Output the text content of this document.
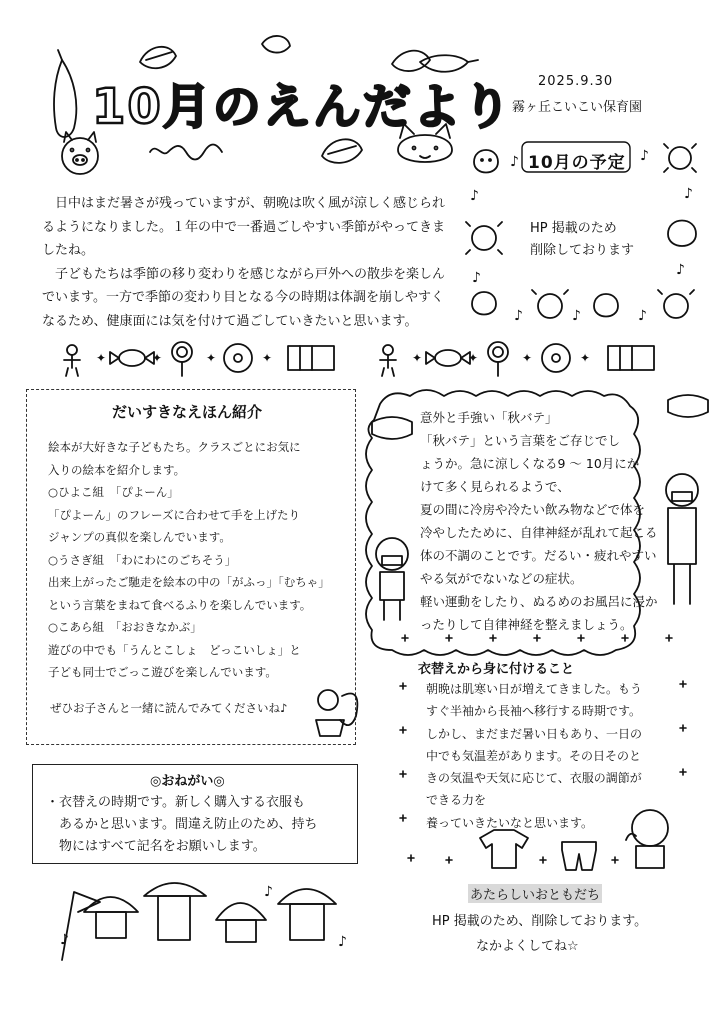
♪	♪
♪	♪
♪	♪
♪	♪	♪
♪
♪	♪
✦	✦	✦	✦	✦	✦	✦	✦
10月のえんだより 2025.9.30
霧ヶ丘こいこい保育園

日中はまだ暑さが残っていますが、朝晩は吹く風が涼しく感じられるようになりました。１年の中で一番過ごしやすい季節がやってきましたね。

子どもたちは季節の移り変わりを感じながら戸外への散歩を楽しんでいます。一方で季節の変わり目となる今の時期は体調を崩しやすくなるため、健康面には気を付けて過ごしていきたいと思います。

10月の予定
HP 掲載のため
削除しております
だいすきなえほん紹介
絵本が大好きな子どもたち。クラスごとにお気に
入りの絵本を紹介します。
○ひよこ組　「ぴよーん」
「ぴよーん」のフレーズに合わせて手を上げたり
ジャンプの真似を楽しんでいます。
○うさぎ組　「わにわにのごちそう」
出来上がったご馳走を絵本の中の「がふっ」「むちゃ」
という言葉をまねて食べるふりを楽しんでいます。
○こあら組　「おおきなかぶ」
遊びの中でも「うんとこしょ　どっこいしょ」と
子ども同士でごっこ遊びを楽しんでいます。
ぜひお子さんと一緒に読んでみてくださいね♪
◎おねがい◎
・衣替えの時期です。新しく購入する衣服も
　あるかと思います。間違え防止のため、持ち
　物にはすべて記名をお願いします。
意外と手強い「秋バテ」
「秋バテ」という言葉をご存じでし
ょうか。急に涼しくなる9 ～ 10月にか
けて多く見られるようで、
夏の間に冷房や冷たい飲み物などで体を
冷やしたために、自律神経が乱れて起こる
体の不調のことです。だるい・疲れやすい
やる気がでないなどの症状。
軽い運動をしたり、ぬるめのお風呂に浸か
ったりして自律神経を整えましょう。
衣替えから身に付けること
朝晩は肌寒い日が増えてきました。もう
すぐ半袖から長袖へ移行する時期です。
しかし、まだまだ暑い日もあり、一日の
中でも気温差があります。その日そのと
きの気温や天気に応じて、衣服の調節が
できる力を
養っていきたいなと思います。
あたらしいおともだち
HP 掲載のため、削除しております。
なかよくしてね☆
